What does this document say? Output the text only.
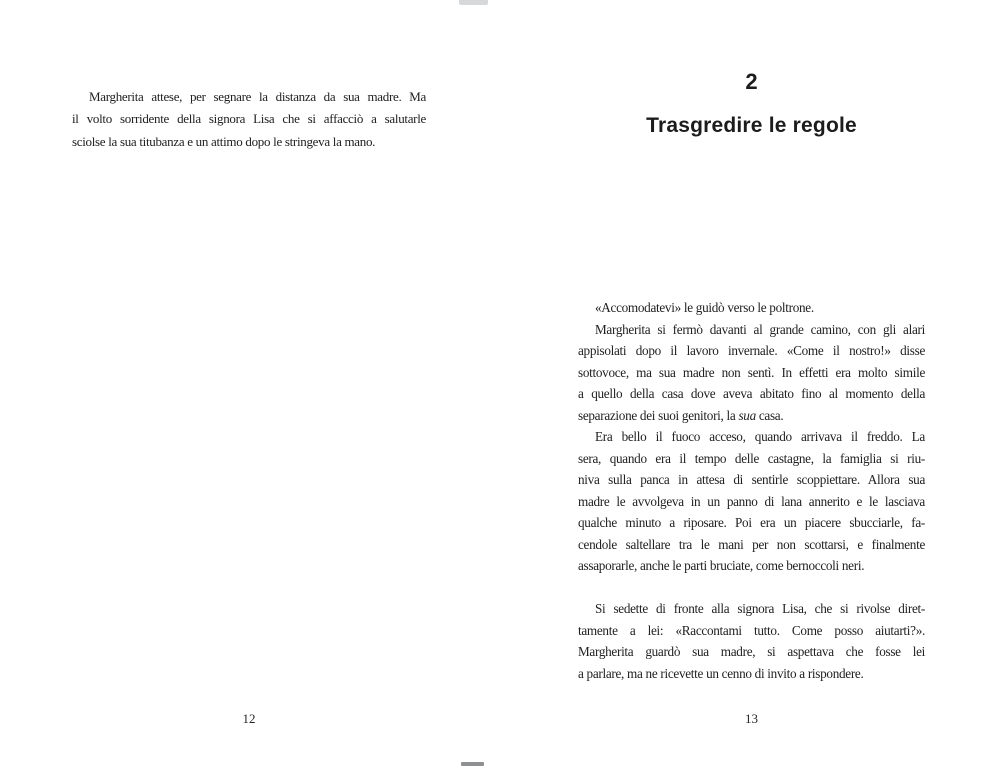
Margherita attese, per segnare la distanza da sua madre. Ma
il volto sorridente della signora Lisa che si affacciò a salutarle
sciolse la sua titubanza e un attimo dopo le stringeva la mano.
12
2
Trasgredire le regole
«Accomodatevi» le guidò verso le poltrone.
Margherita si fermò davanti al grande camino, con gli alari
appisolati dopo il lavoro invernale. «Come il nostro!» disse
sottovoce, ma sua madre non sentì. In effetti era molto simile
a quello della casa dove aveva abitato fino al momento della
separazione dei suoi genitori, la sua casa.
Era bello il fuoco acceso, quando arrivava il freddo. La
sera, quando era il tempo delle castagne, la famiglia si riu-
niva sulla panca in attesa di sentirle scoppiettare. Allora sua
madre le avvolgeva in un panno di lana annerito e le lasciava
qualche minuto a riposare. Poi era un piacere sbucciarle, fa-
cendole saltellare tra le mani per non scottarsi, e finalmente
assaporarle, anche le parti bruciate, come bernoccoli neri.
Si sedette di fronte alla signora Lisa, che si rivolse diret-
tamente a lei: «Raccontami tutto. Come posso aiutarti?».
Margherita guardò sua madre, si aspettava che fosse lei
a parlare, ma ne ricevette un cenno di invito a rispondere.
13
